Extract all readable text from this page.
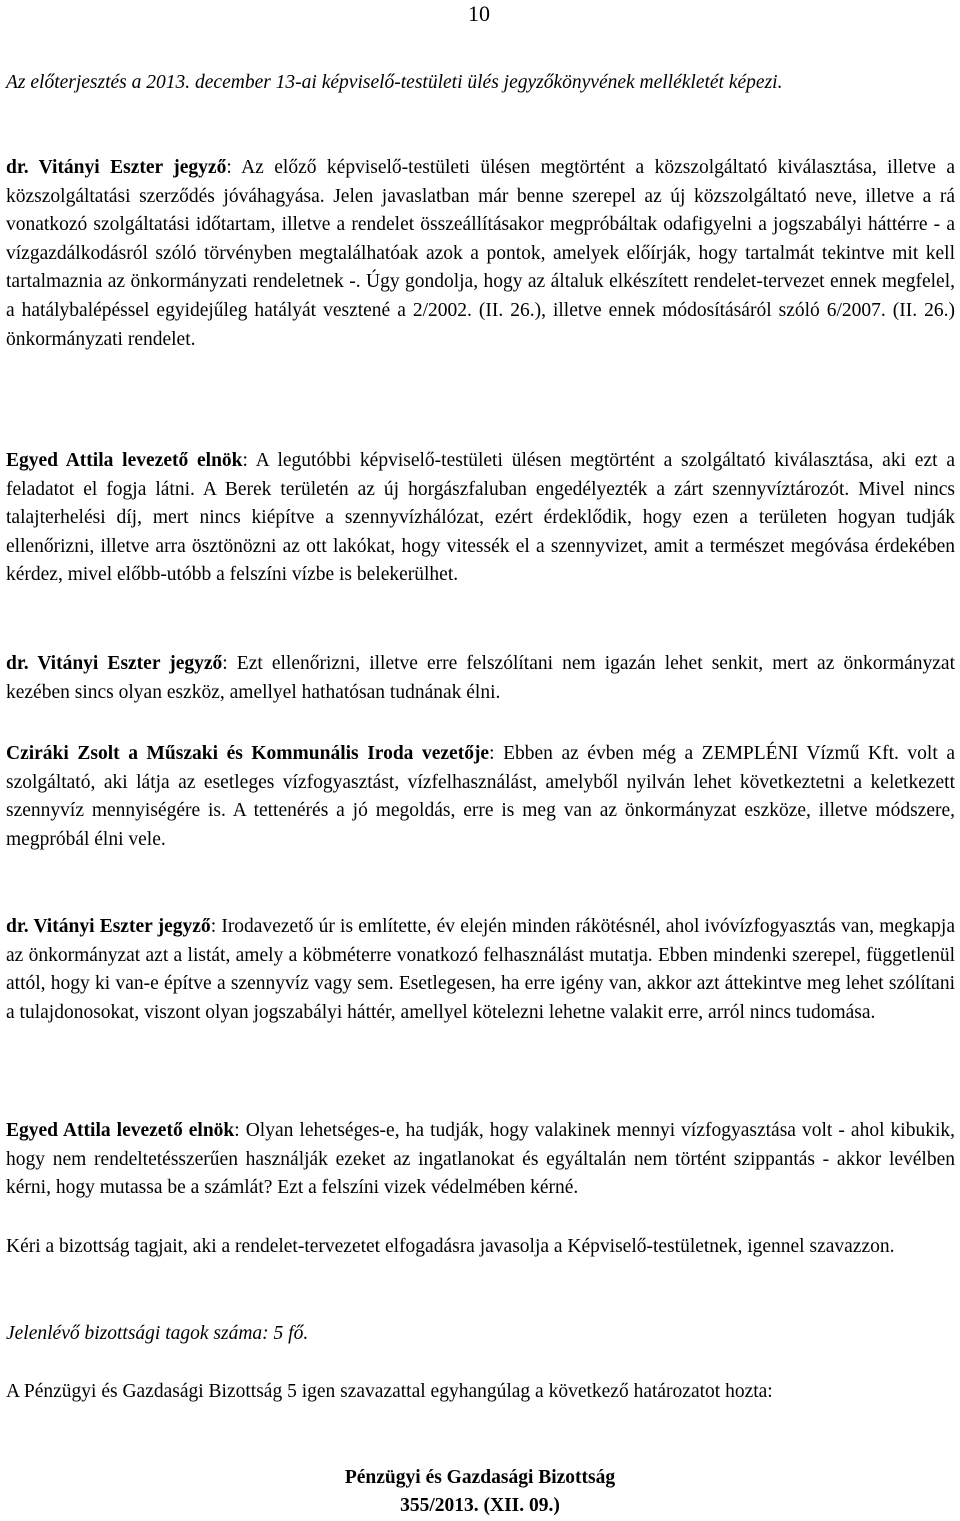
10

Az előterjesztés a 2013. december 13-ai képviselő-testületi ülés jegyzőkönyvének mellékletét képezi.

dr. Vitányi Eszter jegyző: Az előző képviselő-testületi ülésen megtörtént a közszolgáltató kiválasztása, illetve a közszolgáltatási szerződés jóváhagyása. Jelen javaslatban már benne szerepel az új közszolgáltató neve, illetve a rá vonatkozó szolgáltatási időtartam, illetve a rendelet összeállításakor megpróbáltak odafigyelni a jogszabályi háttérre - a vízgazdálkodásról szóló törvényben megtalálhatóak azok a pontok, amelyek előírják, hogy tartalmát tekintve mit kell tartalmaznia az önkormányzati rendeletnek -. Úgy gondolja, hogy az általuk elkészített rendelet-tervezet ennek megfelel, a hatálybalépéssel egyidejűleg hatályát vesztené a 2/2002. (II. 26.), illetve ennek módosításáról szóló 6/2007. (II. 26.) önkormányzati rendelet.

Egyed Attila levezető elnök: A legutóbbi képviselő-testületi ülésen megtörtént a szolgáltató kiválasztása, aki ezt a feladatot el fogja látni. A Berek területén az új horgászfaluban engedélyezték a zárt szennyvíztározót. Mivel nincs talajterhelési díj, mert nincs kiépítve a szennyvízhálózat, ezért érdeklődik, hogy ezen a területen hogyan tudják ellenőrizni, illetve arra ösztönözni az ott lakókat, hogy vitessék el a szennyvizet, amit a természet megóvása érdekében kérdez, mivel előbb-utóbb a felszíni vízbe is belekerülhet.

dr. Vitányi Eszter jegyző: Ezt ellenőrizni, illetve erre felszólítani nem igazán lehet senkit, mert az önkormányzat kezében sincs olyan eszköz, amellyel hathatósan tudnának élni.

Cziráki Zsolt a Műszaki és Kommunális Iroda vezetője: Ebben az évben még a ZEMPLÉNI Vízmű Kft. volt a szolgáltató, aki látja az esetleges vízfogyasztást, vízfelhasználást, amelyből nyilván lehet következtetni a keletkezett szennyvíz mennyiségére is. A tettenérés a jó megoldás, erre is meg van az önkormányzat eszköze, illetve módszere, megpróbál élni vele.

dr. Vitányi Eszter jegyző: Irodavezető úr is említette, év elején minden rákötésnél, ahol ivóvízfogyasztás van, megkapja az önkormányzat azt a listát, amely a köbméterre vonatkozó felhasználást mutatja. Ebben mindenki szerepel, függetlenül attól, hogy ki van-e építve a szennyvíz vagy sem. Esetlegesen, ha erre igény van, akkor azt áttekintve meg lehet szólítani a tulajdonosokat, viszont olyan jogszabályi háttér, amellyel kötelezni lehetne valakit erre, arról nincs tudomása.

Egyed Attila levezető elnök: Olyan lehetséges-e, ha tudják, hogy valakinek mennyi vízfogyasztása volt - ahol kibukik, hogy nem rendeltetésszerűen használják ezeket az ingatlanokat és egyáltalán nem történt szippantás - akkor levélben kérni, hogy mutassa be a számlát? Ezt a felszíni vizek védelmében kérné.

Kéri a bizottság tagjait, aki a rendelet-tervezetet elfogadásra javasolja a Képviselő-testületnek, igennel szavazzon.

Jelenlévő bizottsági tagok száma: 5 fő.

A Pénzügyi és Gazdasági Bizottság 5 igen szavazattal egyhangúlag a következő határozatot hozta:

Pénzügyi és Gazdasági Bizottság
355/2013. (XII. 09.)
